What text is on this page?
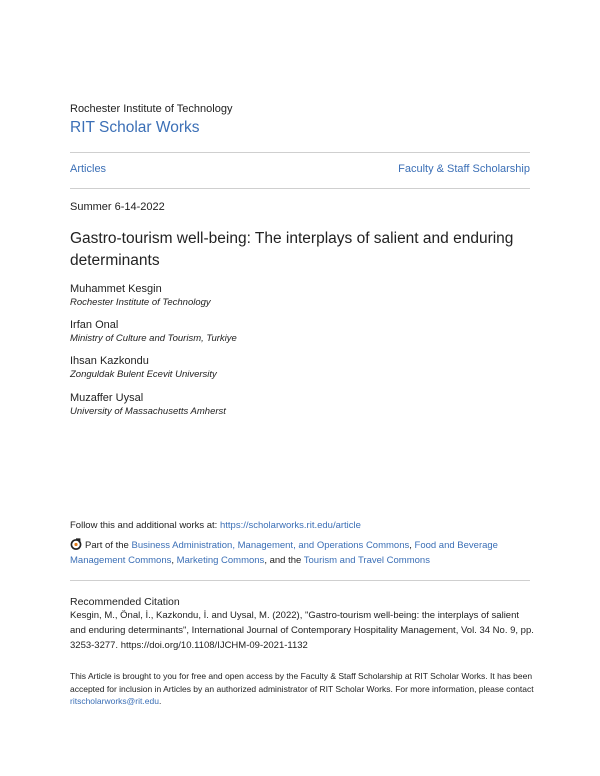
Rochester Institute of Technology
RIT Scholar Works
Articles	Faculty & Staff Scholarship
Summer 6-14-2022
Gastro-tourism well-being: The interplays of salient and enduring determinants
Muhammet Kesgin
Rochester Institute of Technology
Irfan Onal
Ministry of Culture and Tourism, Turkiye
Ihsan Kazkondu
Zonguldak Bulent Ecevit University
Muzaffer Uysal
University of Massachusetts Amherst
Follow this and additional works at: https://scholarworks.rit.edu/article
Part of the Business Administration, Management, and Operations Commons, Food and Beverage Management Commons, Marketing Commons, and the Tourism and Travel Commons
Recommended Citation
Kesgin, M., Önal, İ., Kazkondu, İ. and Uysal, M. (2022), "Gastro-tourism well-being: the interplays of salient and enduring determinants", International Journal of Contemporary Hospitality Management, Vol. 34 No. 9, pp. 3253-3277. https://doi.org/10.1108/IJCHM-09-2021-1132
This Article is brought to you for free and open access by the Faculty & Staff Scholarship at RIT Scholar Works. It has been accepted for inclusion in Articles by an authorized administrator of RIT Scholar Works. For more information, please contact ritscholarworks@rit.edu.
